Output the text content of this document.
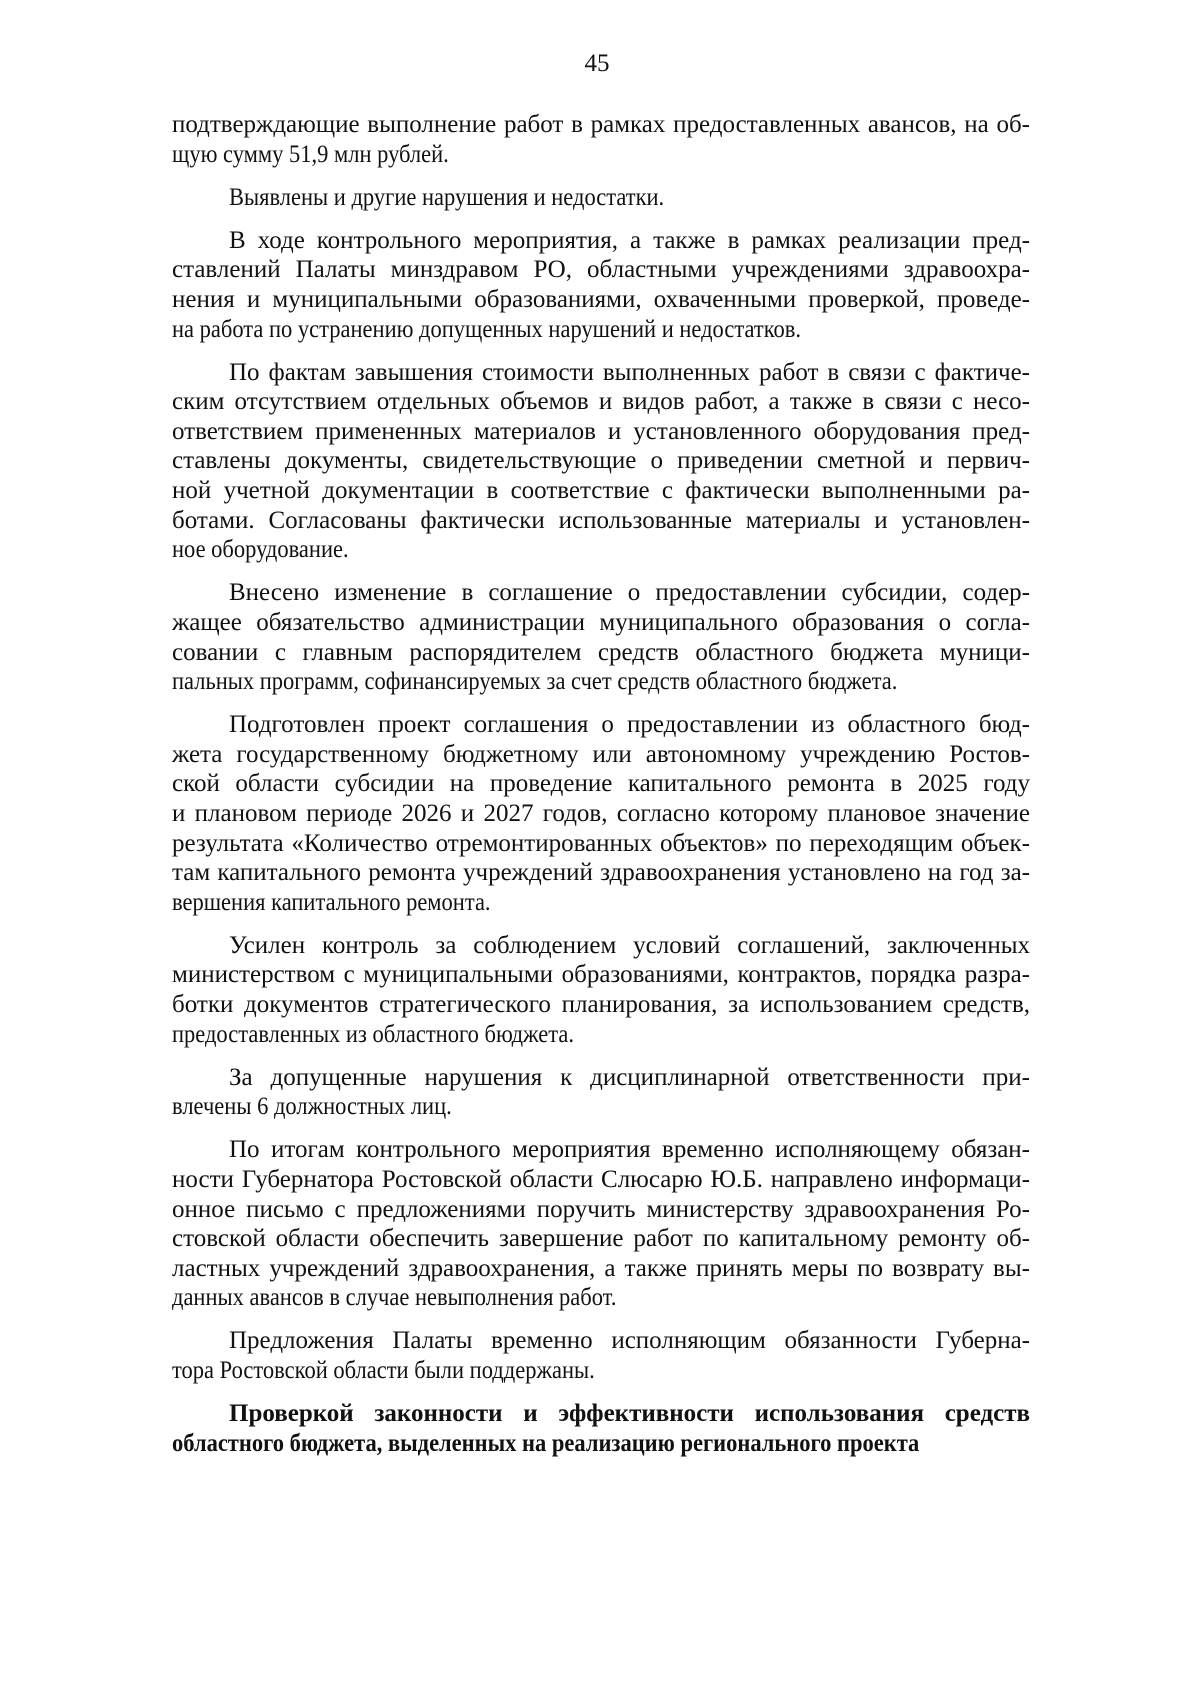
45
подтверждающие выполнение работ в рамках предоставленных авансов, на об-
щую сумму 51,9 млн рублей.
Выявлены и другие нарушения и недостатки.
В ходе контрольного мероприятия, а также в рамках реализации пред-
ставлений Палаты минздравом РО, областными учреждениями здравоохра-
нения и муниципальными образованиями, охваченными проверкой, проведе-
на работа по устранению допущенных нарушений и недостатков.
По фактам завышения стоимости выполненных работ в связи с фактиче-
ским отсутствием отдельных объемов и видов работ, а также в связи с несо-
ответствием примененных материалов и установленного оборудования пред-
ставлены документы, свидетельствующие о приведении сметной и первич-
ной учетной документации в соответствие с фактически выполненными ра-
ботами. Согласованы фактически использованные материалы и установлен-
ное оборудование.
Внесено изменение в соглашение о предоставлении субсидии, содер-
жащее обязательство администрации муниципального образования о согла-
совании с главным распорядителем средств областного бюджета муници-
пальных программ, софинансируемых за счет средств областного бюджета.
Подготовлен проект соглашения о предоставлении из областного бюд-
жета государственному бюджетному или автономному учреждению Ростов-
ской области субсидии на проведение капитального ремонта в 2025 году
и плановом периоде 2026 и 2027 годов, согласно которому плановое значение
результата «Количество отремонтированных объектов» по переходящим объек-
там капитального ремонта учреждений здравоохранения установлено на год за-
вершения капитального ремонта.
Усилен контроль за соблюдением условий соглашений, заключенных
министерством с муниципальными образованиями, контрактов, порядка разра-
ботки документов стратегического планирования, за использованием средств,
предоставленных из областного бюджета.
За допущенные нарушения к дисциплинарной ответственности при-
влечены 6 должностных лиц.
По итогам контрольного мероприятия временно исполняющему обязан-
ности Губернатора Ростовской области Слюсарю Ю.Б. направлено информаци-
онное письмо с предложениями поручить министерству здравоохранения Ро-
стовской области обеспечить завершение работ по капитальному ремонту об-
ластных учреждений здравоохранения, а также принять меры по возврату вы-
данных авансов в случае невыполнения работ.
Предложения Палаты временно исполняющим обязанности Губерна-
тора Ростовской области были поддержаны.
Проверкой законности и эффективности использования средств
областного бюджета, выделенных на реализацию регионального проекта
